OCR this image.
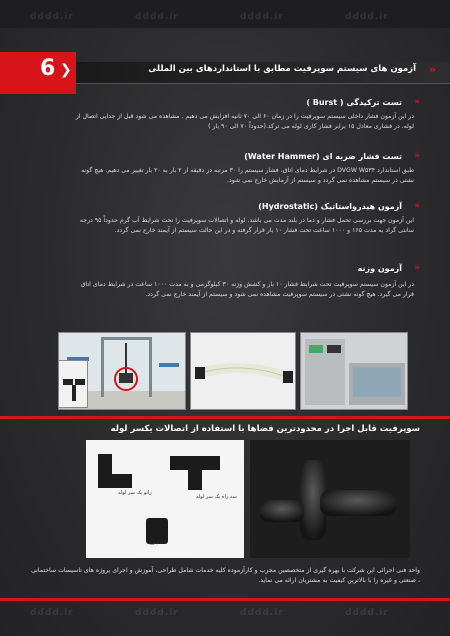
dddd.ir	dddd.ir	dddd.ir	dddd.ir
dddd.ir	dddd.ir	dddd.ir	dddd.ir
6 ❯	آزمون های سیستم سوپرفیت مطابق با استانداردهای بین المللی »
»
تست ترکیدگی ( Burst )
در این آزمون فشار داخلی سیستم سوپرفیت را در زمان ۶۰ الی ۷۰ ثانیه افزایش می دهیم . مشاهده می شود قبل از جدایی اتصال از لوله، در فشاری معادل ۱۵ برابر فشار کاری لوله می ترکد.(حدوداً ۷۰ الی ۹۰ بار )
»
تست فشار ضربه ای (Water Hammer)
طبق استاندارد DVGW W۵۳۴ در شرایط دمای اتاق، فشار سیستم را ۳۰ مرتبه در دقیقه از ۲ بار به ۲۰ بار تغییر می دهیم. هیچ گونه نشتی در سیستم مشاهده نمی گردد و سیستم از آزمایش خارج نمی شود.
»
آزمون هیدرواستاتیک (Hydrostatic)
این آزمون جهت بررسی تحمل فشار و دما در بلند مدت می باشد. لوله و اتصالات سوپرفیت را تحت شرایط آب گرم حدوداً ۹۵ درجه سانتی گراد به مدت ۱۶۵ و ۱۰۰۰ ساعت تحت فشار ۱۰ بار قرار گرفته و در این حالت سیستم از آیمند خارج نمی گردد.
»
آزمون وزنه
در این آزمون سیستم سوپرفیت تحت شرایط فشار ۱۰ بار و کشش وزنه ۳۰ کیلوگرمی و به مدت ۱۰۰۰ ساعت در شرایط دمای اتاق قرار می گیرد. هیچ گونه نشتی در سیستم سوپرفیت مشاهده نمی شود و سیستم از آیمند خارج نمی گردد.
سوپرفیت قابل اجرا در محدودترین فضاها با استفاده از اتصالات یکسر لوله
زانو یک سر لوله
سه راه یک سر لوله
آداپتور
واحد فنی اجرائی این شرکت با بهره گیری از متخصصین مجرب و کارآزموده کلیه خدمات شامل طراحی، آموزش و اجرای پروژه های تاسیسات ساختمانی ، صنعتی و غیره را با بالاترین کیفیت به مشتریان ارائه می نماید.
